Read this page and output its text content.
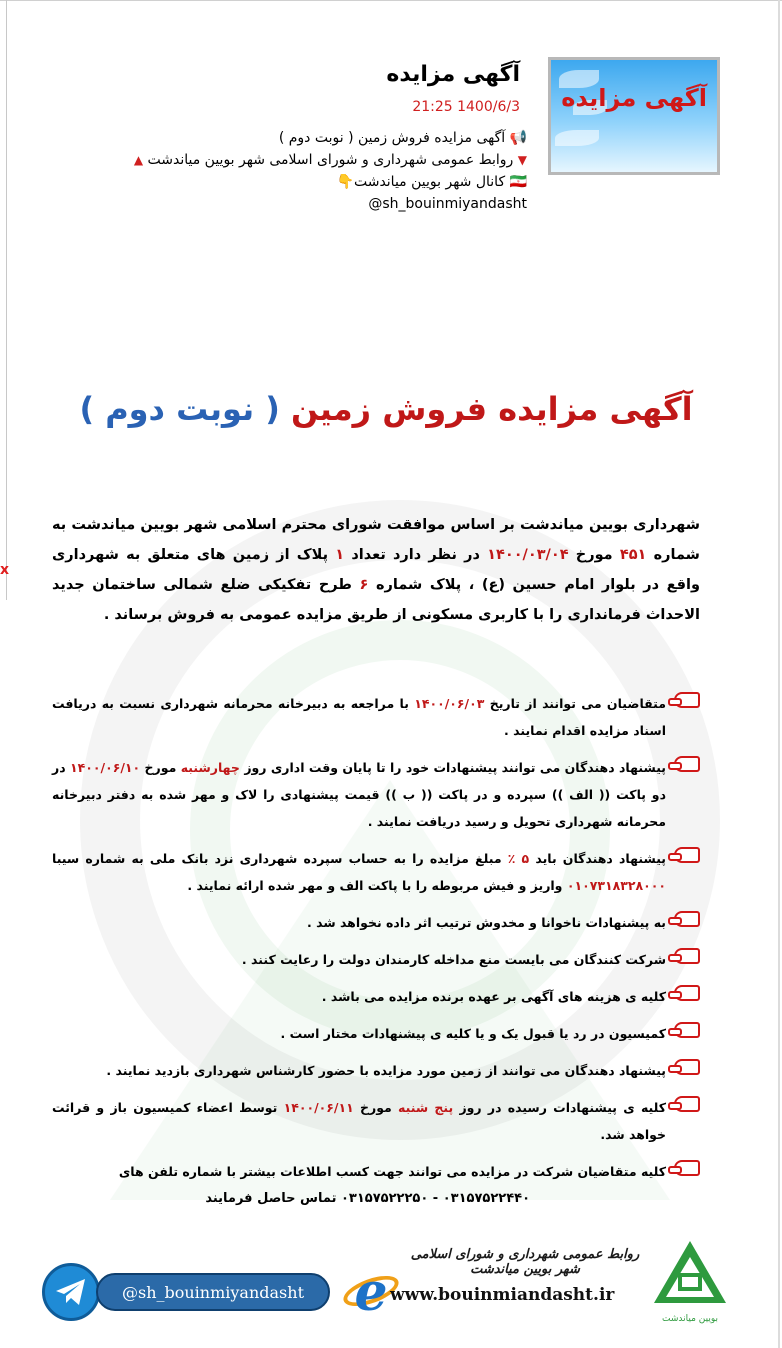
x
آگهی مزایده
آگهی مزایده
21:25 1400/6/3
📢 آگهی مزایده فروش زمین ( نوبت دوم )
▼ روابط عمومی شهرداری و شورای اسلامی شهر بویین میاندشت ▲
🇮🇷 کانال شهر بویین میاندشت👇
@sh_bouinmiyandasht
آگهی مزایده فروش زمین ( نوبت دوم )
شهرداری بویین میاندشت بر اساس موافقت شورای محترم اسلامی شهر بویین میاندشت به شماره ۴۵۱ مورخ ۱۴۰۰/۰۳/۰۴ در نظر دارد تعداد ۱ پلاک از زمین های متعلق به شهرداری واقع در بلوار امام حسین (ع) ، پلاک شماره ۶ طرح تفکیکی ضلع شمالی ساختمان جدید الاحداث فرمانداری را با کاربری مسکونی از طریق مزایده عمومی به فروش برساند .
متقاضیان می توانند از تاریخ ۱۴۰۰/۰۶/۰۳ با مراجعه به دبیرخانه محرمانه شهرداری نسبت به دریافت اسناد مزایده اقدام نمایند .
پیشنهاد دهندگان می توانند پیشنهادات خود را تا پایان وقت اداری روز چهارشنبه مورخ ۱۴۰۰/۰۶/۱۰ در دو پاکت (( الف )) سپرده و در پاکت (( ب )) قیمت پیشنهادی را لاک و مهر شده به دفتر دبیرخانه محرمانه شهرداری تحویل و رسید دریافت نمایند .
پیشنهاد دهندگان باید ۵ ٪ مبلغ مزایده را به حساب سپرده شهرداری نزد بانک ملی به شماره سیبا ۰۱۰۷۳۱۸۳۲۸۰۰۰ واریز و فیش مربوطه را با پاکت الف و مهر شده ارائه نمایند .
به پیشنهادات ناخوانا و مخدوش ترتیب اثر داده نخواهد شد .
شرکت کنندگان می بایست منع مداخله کارمندان دولت را رعایت کنند .
کلیه ی هزینه های آگهی بر عهده برنده مزایده می باشد .
کمیسیون در رد یا قبول یک و یا کلیه ی پیشنهادات مختار است .
پیشنهاد دهندگان می توانند از زمین مورد مزایده با حضور کارشناس شهرداری بازدید نمایند .
کلیه ی پیشنهادات رسیده در روز پنج شنبه مورخ ۱۴۰۰/۰۶/۱۱ توسط اعضاء کمیسیون باز و قرائت خواهد شد.
کلیه متقاضیان شرکت در مزایده می توانند جهت کسب اطلاعات بیشتر با شماره تلفن های
۰۳۱۵۷۵۲۲۴۴۰ - ۰۳۱۵۷۵۲۲۲۵۰ تماس حاصل فرمایند
@sh_bouinmiyandasht e www.bouinmiandasht.ir
روابط عمومی شهرداری و شورای اسلامی شهر بویین میاندشت
بویین میاندشت
